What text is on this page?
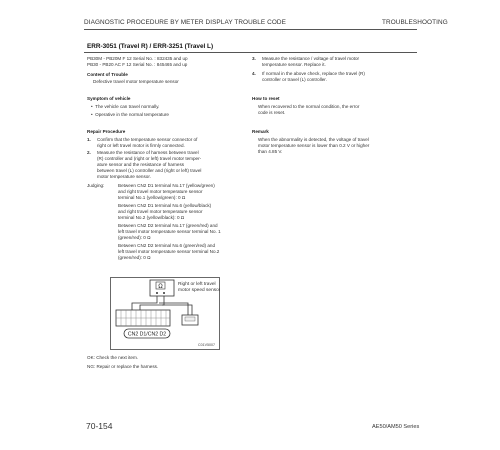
DIAGNOSTIC PROCEDURE BY METER DISPLAY TROUBLE CODE	TROUBLESHOOTING
ERR-3051 (Travel R) / ERR-3251 (Travel L)
PB30M - PB20M F 12 Serial No. : 832435 and up
PB30 - PB20 AC F 12 Serial No. : 845465 and up
Content of Trouble
Defective travel motor temperature sensor
Symptom of vehicle
•  The vehicle can travel normally.
•  Operative in the normal temperature
Repair Procedure
1. Confirm that the temperature sensor connector of
right or left travel motor is firmly connected.
2. Measure the resistance of harness between travel
(R) controller and (right or left) travel motor temper-
ature sensor and the resistance of harness
between travel (L) controller and (right or left) travel
motor temperature sensor.
Judging:	Between CN2 D1 terminal No.17 (yellow/green)
and right travel motor temperature sensor
terminal No.1 (yellow/green): 0 Ω
Between CN2 D1 terminal No.6 (yellow/black)
and right travel motor temperature sensor
terminal No.2 (yellow/black): 0 Ω
Between CN2 D2 terminal No.17 (green/red) and
left travel motor temperature sensor terminal No. 1
(green/red): 0 Ω
Between CN2 D2 terminal No.6 (green/red) and
left travel motor temperature sensor terminal No.2
(green/red): 0 Ω
Ω	Right or left travel
motor speed sensor
CN2 D1/CN2 D2
C01V5007
OK: Check the next item.
NG: Repair or replace the harness.
3. Measure the resistance / voltage of travel motor
temperature sensor. Replace it.
4. If normal in the above check, replace the travel (R)
controller or travel (L) controller.
How to reset
When recovered to the normal condition, the error
code is reset.
Remark
When the abnormality is detected, the voltage of travel
motor temperature sensor is lower than 0.2 V or higher
than 4.85 V.
70-154	AE50/AM50 Series
